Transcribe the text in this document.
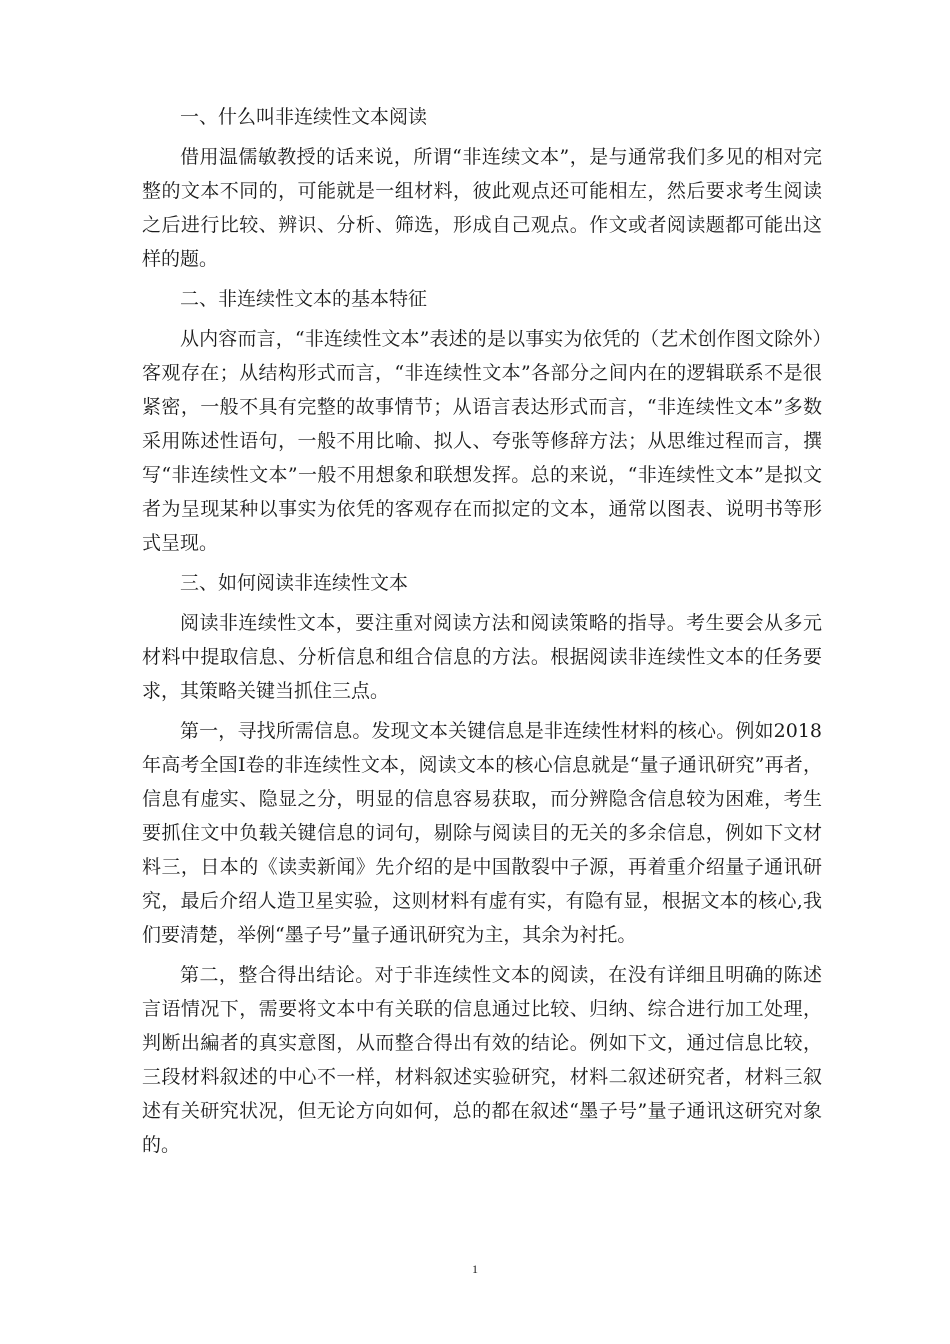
一、什么叫非连续性文本阅读

借用温儒敏教授的话来说，所谓“非连续文本”，是与通常我们多见的相对完整的文本不同的，可能就是一组材料，彼此观点还可能相左，然后要求考生阅读之后进行比较、辨识、分析、筛选，形成自己观点。作文或者阅读题都可能出这样的题。

二、非连续性文本的基本特征

从内容而言，“非连续性文本”表述的是以事实为依凭的（艺术创作图文除外）客观存在；从结构形式而言，“非连续性文本”各部分之间内在的逻辑联系不是很紧密，一般不具有完整的故事情节；从语言表达形式而言，“非连续性文本”多数采用陈述性语句，一般不用比喻、拟人、夸张等修辞方法；从思维过程而言，撰写“非连续性文本”一般不用想象和联想发挥。总的来说，“非连续性文本”是拟文者为呈现某种以事实为依凭的客观存在而拟定的文本，通常以图表、说明书等形式呈现。

三、如何阅读非连续性文本

阅读非连续性文本，要注重对阅读方法和阅读策略的指导。考生要会从多元材料中提取信息、分析信息和组合信息的方法。根据阅读非连续性文本的任务要求，其策略关键当抓住三点。

第一，寻找所需信息。发现文本关键信息是非连续性材料的核心。例如2018年高考全国Ⅰ卷的非连续性文本，阅读文本的核心信息就是“量子通讯研究”再者，信息有虚实、隐显之分，明显的信息容易获取，而分辨隐含信息较为困难，考生要抓住文中负载关键信息的词句，剔除与阅读目的无关的多余信息，例如下文材料三，日本的《读卖新闻》先介绍的是中国散裂中子源，再着重介绍量子通讯研究，最后介绍人造卫星实验，这则材料有虚有实，有隐有显，根据文本的核心,我们要清楚，举例“墨子号”量子通讯研究为主，其余为衬托。

第二，整合得出结论。对于非连续性文本的阅读，在没有详细且明确的陈述言语情况下，需要将文本中有关联的信息通过比较、归纳、综合进行加工处理，判断出編者的真实意图，从而整合得出有效的结论。例如下文，通过信息比较，三段材料叙述的中心不一样，材料叙述实验研究，材料二叙述研究者，材料三叙述有关研究状况，但无论方向如何，总的都在叙述“墨子号”量子通讯这研究对象的。

1
